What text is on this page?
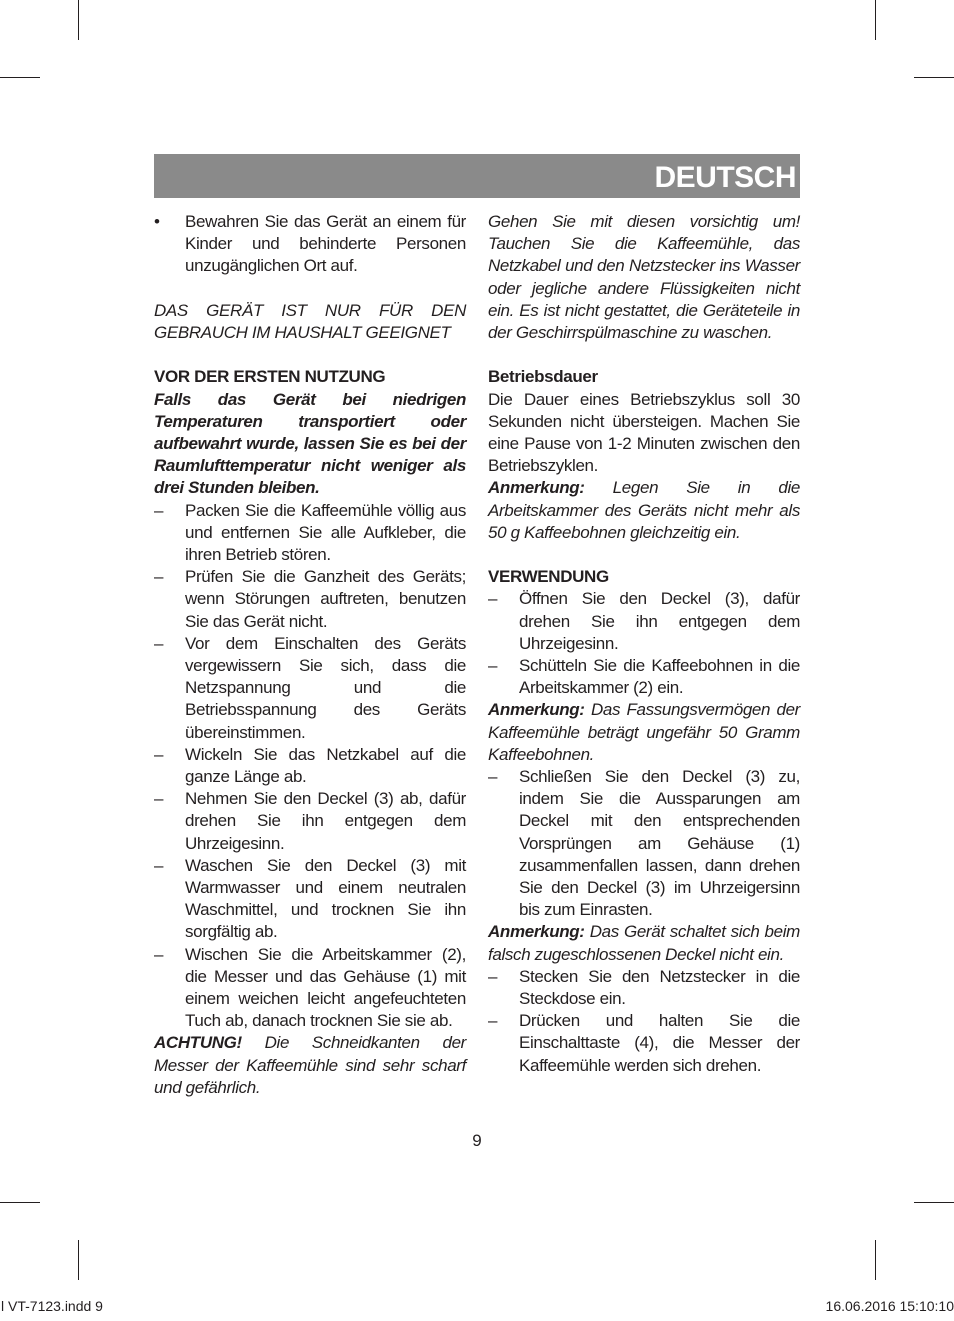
DEUTSCH
• Bewahren Sie das Gerät an einem für Kinder und behinderte Personen unzugänglichen Ort auf.

DAS GERÄT IST NUR FÜR DEN GEBRAUCH IM HAUSHALT GEEIGNET

VOR DER ERSTEN NUTZUNG

Falls das Gerät bei niedrigen Temperaturen transportiert oder aufbewahrt wurde, lassen Sie es bei der Raumlufttemperatur nicht weniger als drei Stunden bleiben.

– Packen Sie die Kaffeemühle völlig aus und entfernen Sie alle Aufkleber, die ihren Betrieb stören.
– Prüfen Sie die Ganzheit des Geräts; wenn Störungen auftreten, benutzen Sie das Gerät nicht.
– Vor dem Einschalten des Geräts vergewissern Sie sich, dass die Netzspannung und die Betriebsspannung des Geräts übereinstimmen.
– Wickeln Sie das Netzkabel auf die ganze Länge ab.
– Nehmen Sie den Deckel (3) ab, dafür drehen Sie ihn entgegen dem Uhrzeigesinn.
– Waschen Sie den Deckel (3) mit Warmwasser und einem neutralen Waschmittel, und trocknen Sie ihn sorgfältig ab.
– Wischen Sie die Arbeitskammer (2), die Messer und das Gehäuse (1) mit einem weichen leicht angefeuchteten Tuch ab, danach trocknen Sie sie ab.

ACHTUNG! Die Schneidkanten der Messer der Kaffeemühle sind sehr scharf und gefährlich.

Gehen Sie mit diesen vorsichtig um! Tauchen Sie die Kaffeemühle, das Netzkabel und den Netzstecker ins Wasser oder jegliche andere Flüssigkeiten nicht ein. Es ist nicht gestattet, die Geräteteile in der Geschirrspülmaschine zu waschen.

Betriebsdauer

Die Dauer eines Betriebszyklus soll 30 Sekunden nicht übersteigen. Machen Sie eine Pause von 1-2 Minuten zwischen den Betriebszyklen.

Anmerkung: Legen Sie in die Arbeitskammer des Geräts nicht mehr als 50 g Kaffeebohnen gleichzeitig ein.

VERWENDUNG

– Öffnen Sie den Deckel (3), dafür drehen Sie ihn entgegen dem Uhrzeigesinn.
– Schütteln Sie die Kaffeebohnen in die Arbeitskammer (2) ein.

Anmerkung: Das Fassungsvermögen der Kaffeemühle beträgt ungefähr 50 Gramm Kaffeebohnen.

– Schließen Sie den Deckel (3) zu, indem Sie die Aussparungen am Deckel mit den entsprechenden Vorsprüngen am Gehäuse (1) zusammenfallen lassen, dann drehen Sie den Deckel (3) im Uhrzeigersinn bis zum Einrasten.

Anmerkung: Das Gerät schaltet sich beim falsch zugeschlossenen Deckel nicht ein.

– Stecken Sie den Netzstecker in die Steckdose ein.
– Drücken und halten Sie die Einschalttaste (4), die Messer der Kaffeemühle werden sich drehen.
9
l VT-7123.indd 9	16.06.2016 15:10:10
